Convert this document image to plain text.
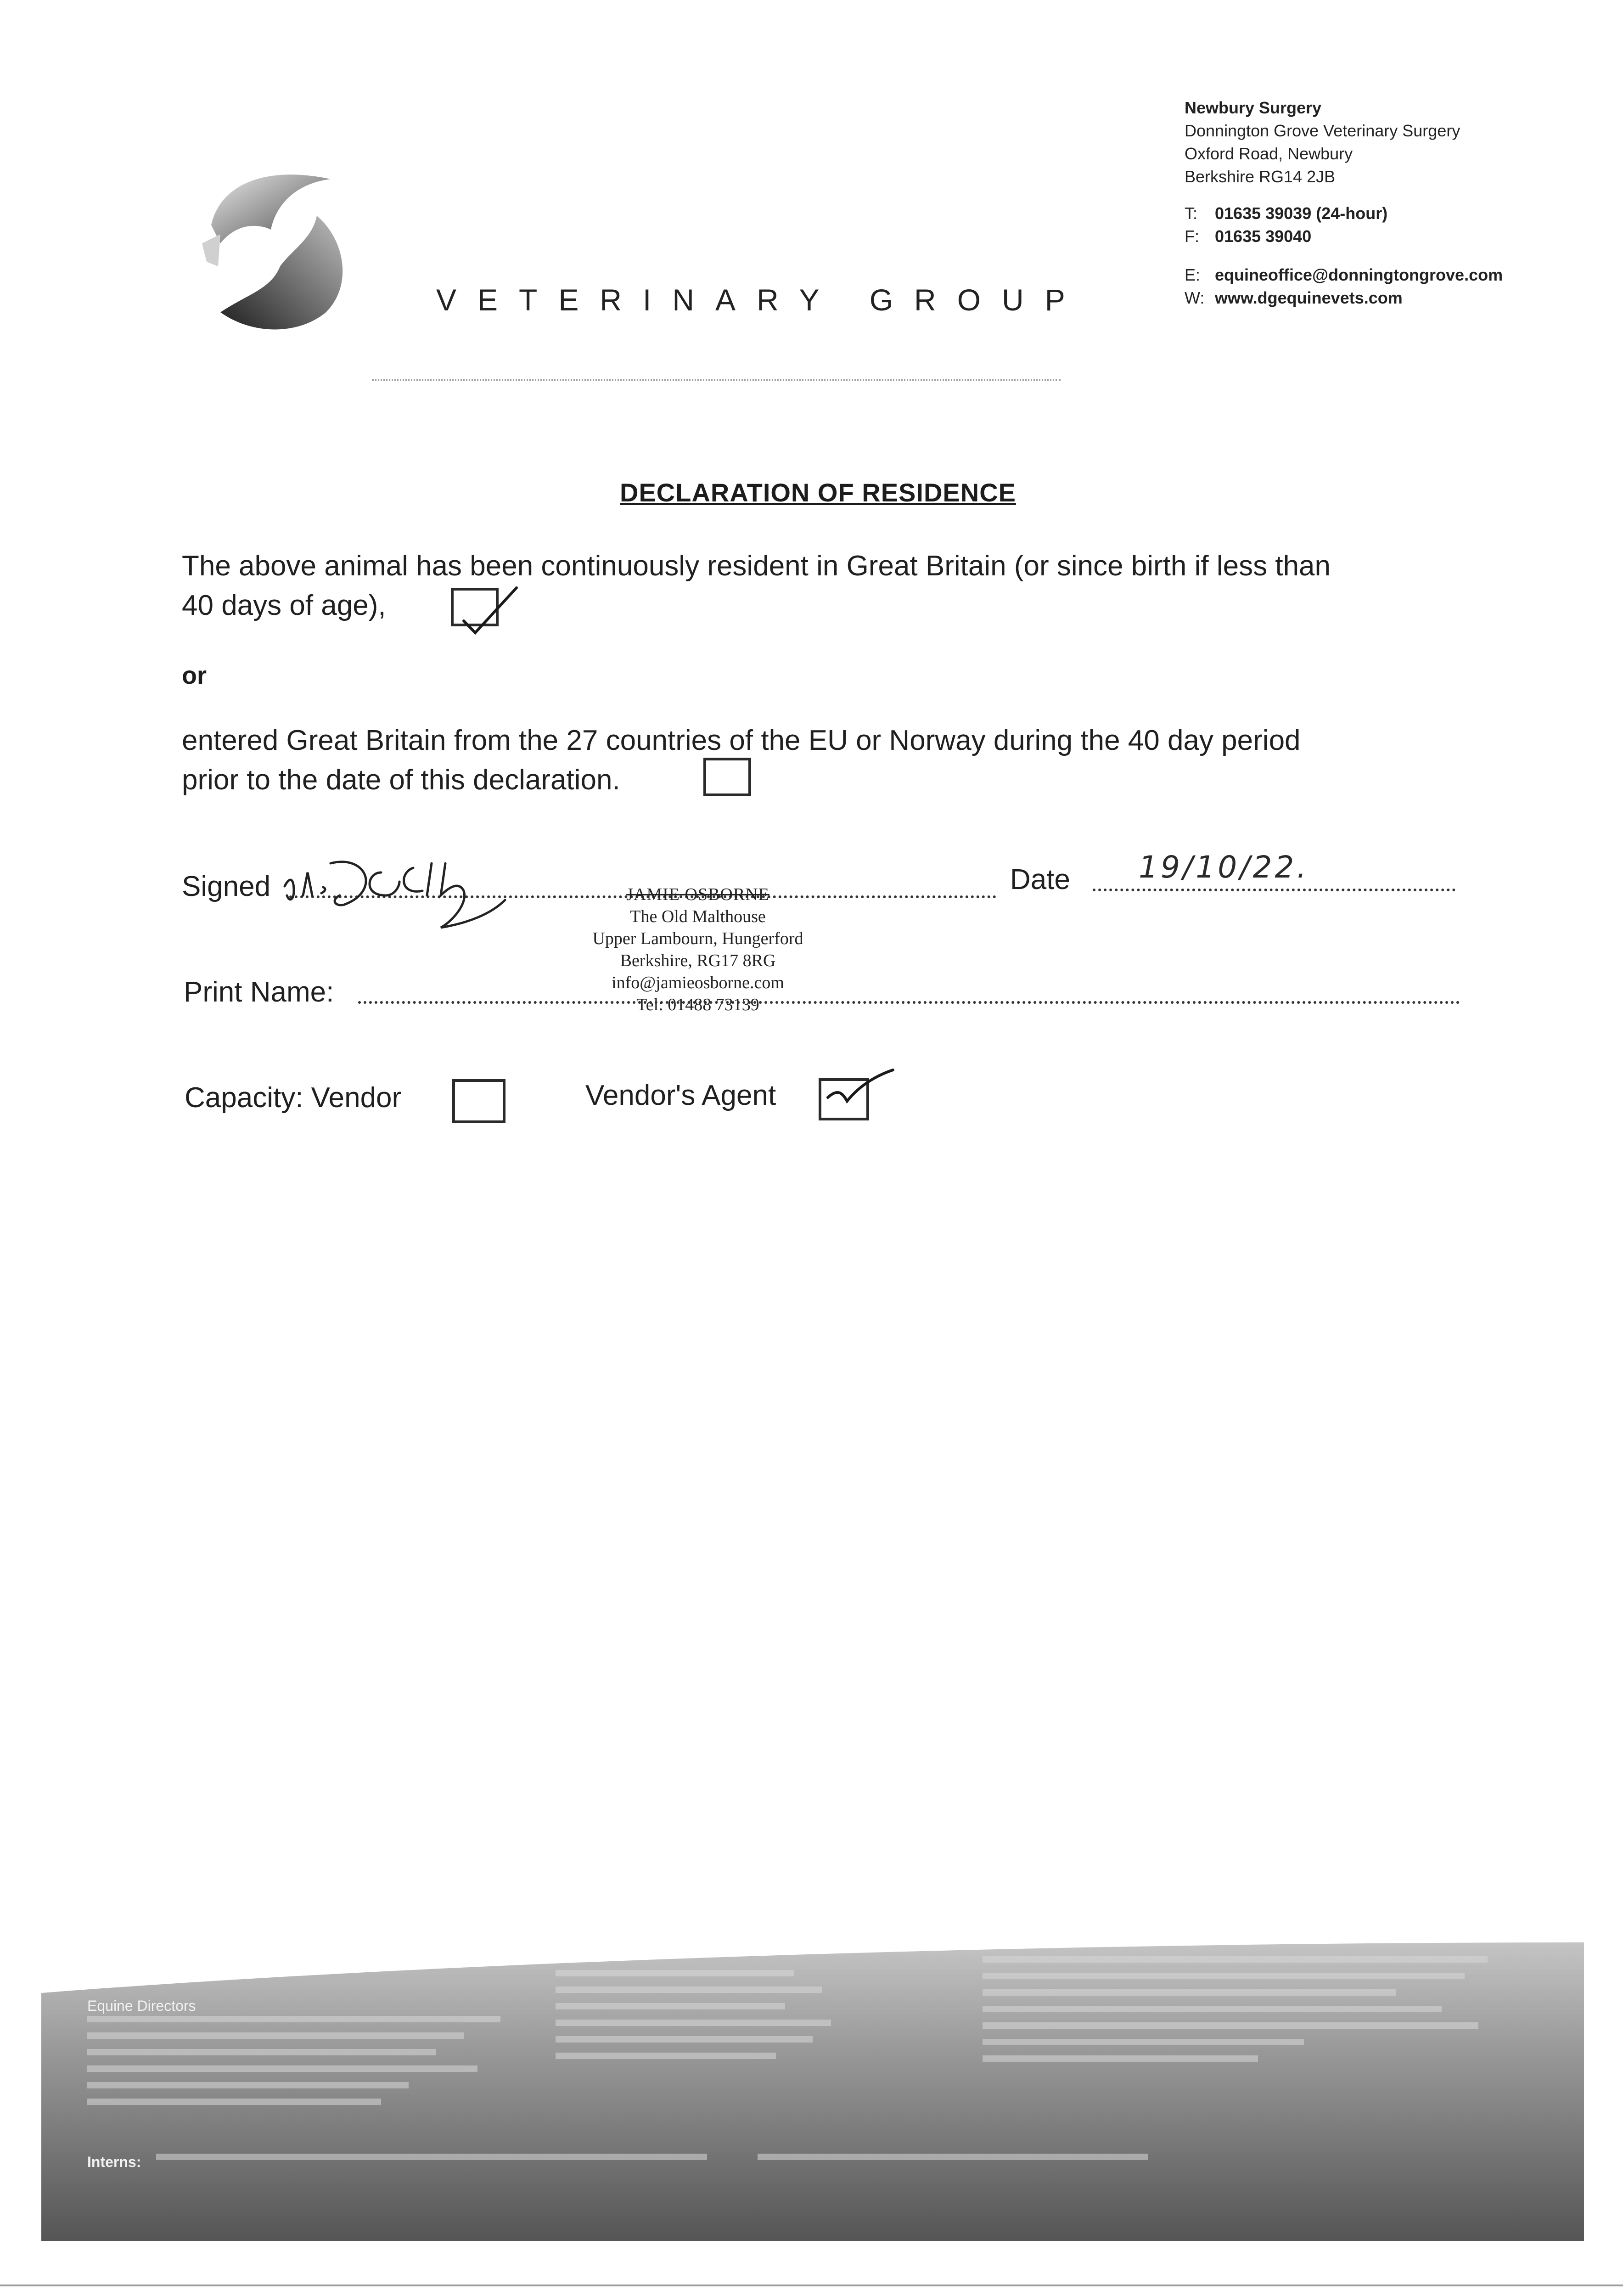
VETERINARY GROUP
Newbury Surgery
Donnington Grove Veterinary Surgery
Oxford Road, Newbury
Berkshire RG14 2JB
T: 01635 39039 (24-hour)
F: 01635 39040
E: equineoffice@donningtongrove.com
W: www.dgequinevets.com
DECLARATION OF RESIDENCE
The above animal has been continuously resident in Great Britain (or since birth if less than
40 days of age),
or
entered Great Britain from the 27 countries of the EU or Norway during the 40 day period
prior to the date of this declaration.
Signed	Date 19/10/22.
JAMIE OSBORNE
The Old Malthouse
Upper Lambourn, Hungerford
Berkshire, RG17 8RG
info@jamieosborne.com
Tel: 01488 73139
Print Name:
Capacity: Vendor	Vendor's Agent
Equine Directors
Interns:
